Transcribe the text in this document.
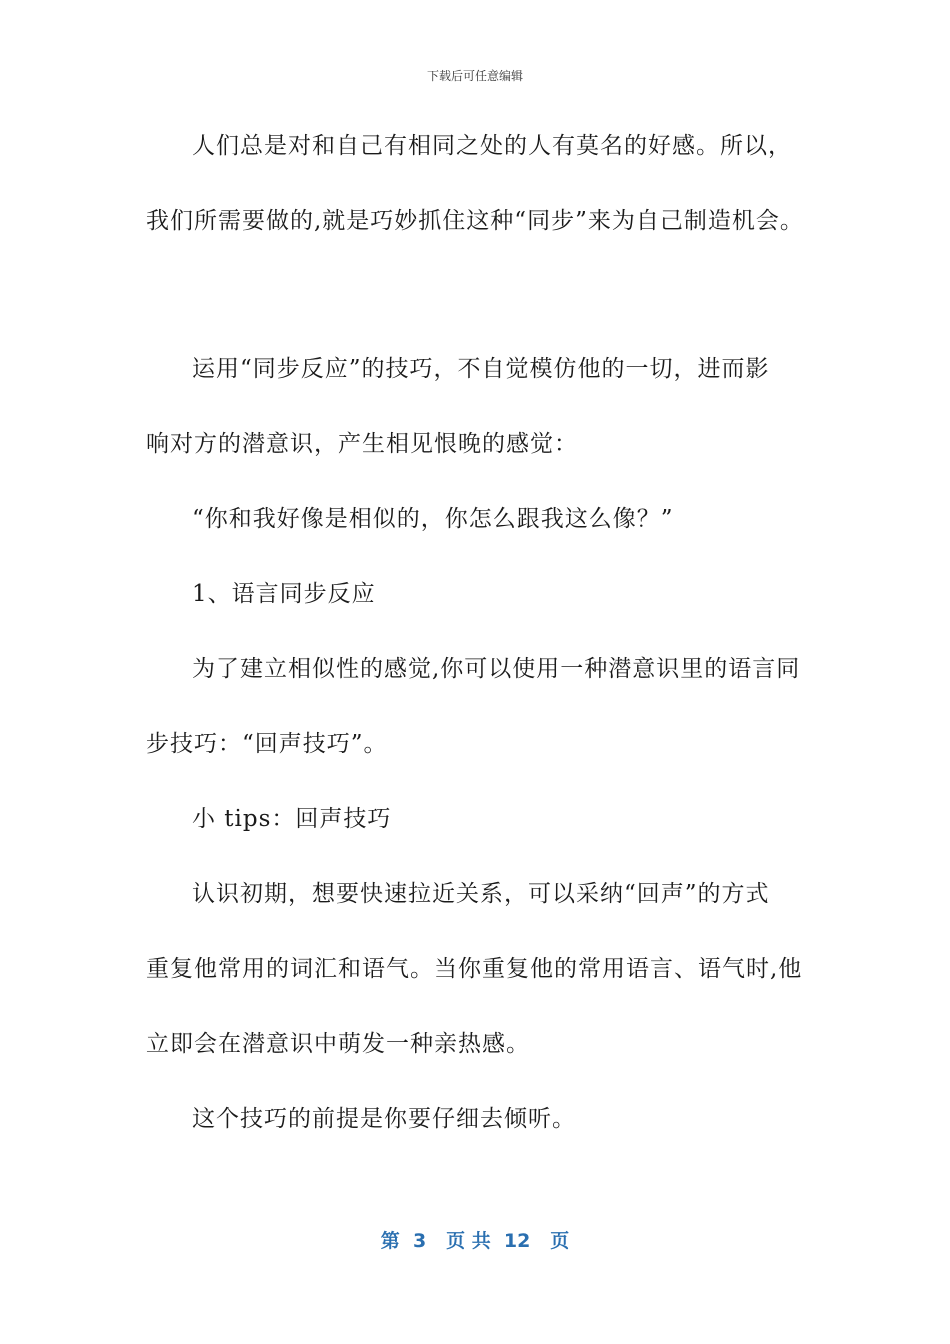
下载后可任意编辑
人们总是对和自己有相同之处的人有莫名的好感。所以，
我们所需要做的,就是巧妙抓住这种“同步”来为自己制造机会。
运用“同步反应”的技巧，不自觉模仿他的一切，进而影
响对方的潜意识，产生相见恨晚的感觉：
“你和我好像是相似的，你怎么跟我这么像？”
1、语言同步反应
为了建立相似性的感觉,你可以使用一种潜意识里的语言同
步技巧：“回声技巧”。
小 tips：回声技巧
认识初期，想要快速拉近关系，可以采纳“回声”的方式
重复他常用的词汇和语气。当你重复他的常用语言、语气时,他
立即会在潜意识中萌发一种亲热感。
这个技巧的前提是你要仔细去倾听。
第  3   页 共  12   页
